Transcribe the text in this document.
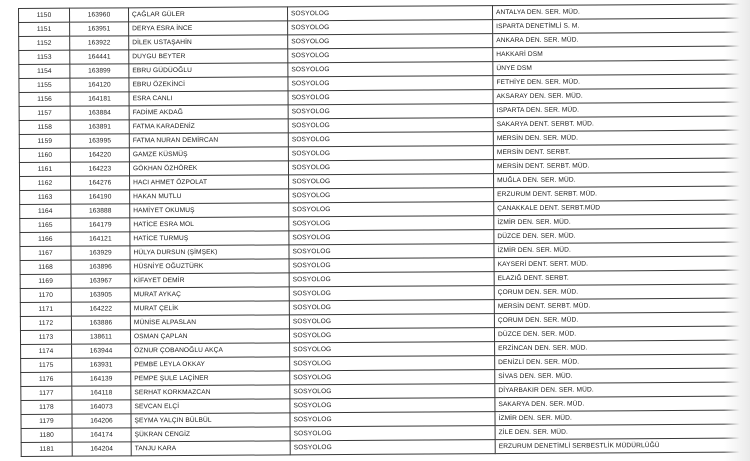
1150	163960	ÇAĞLAR GÜLER	SOSYOLOG	ANTALYA DEN. SER. MÜD.
1151	163951	DERYA ESRA İNCE	SOSYOLOG	ISPARTA DENETİMLİ S. M.
1152	163922	DİLEK USTAŞAHİN	SOSYOLOG	ANKARA DEN. SER. MÜD.
1153	164441	DUYGU BEYTER	SOSYOLOG	HAKKARİ DSM
1154	163899	EBRU GÜDÜOĞLU	SOSYOLOG	ÜNYE DSM
1155	164120	EBRU ÖZEKİNCİ	SOSYOLOG	FETHİYE DEN. SER. MÜD.
1156	164181	ESRA CANLI	SOSYOLOG	AKSARAY DEN. SER. MÜD.
1157	163884	FADİME AKDAĞ	SOSYOLOG	ISPARTA DEN. SER. MÜD.
1158	163891	FATMA KARADENİZ	SOSYOLOG	SAKARYA DENT. SERBT. MÜD.
1159	163995	FATMA NURAN DEMİRCAN	SOSYOLOG	MERSİN DEN. SER. MÜD.
1160	164220	GAMZE KÜSMÜŞ	SOSYOLOG	MERSİN DENT. SERBT.
1161	164223	GÖKHAN ÖZHÖREK	SOSYOLOG	MERSİN DENT. SERBT. MÜD.
1162	164276	HACI AHMET ÖZPOLAT	SOSYOLOG	MUĞLA DEN. SER. MÜD.
1163	164190	HAKAN MUTLU	SOSYOLOG	ERZURUM DENT. SERBT. MÜD.
1164	163888	HAMİYET OKUMUŞ	SOSYOLOG	ÇANAKKALE DENT. SERBT.MÜD
1165	164179	HATİCE ESRA MOL	SOSYOLOG	İZMİR DEN. SER. MÜD.
1166	164121	HATİCE TURMUŞ	SOSYOLOG	DÜZCE DEN. SER. MÜD.
1167	163929	HÜLYA DURSUN (ŞİMŞEK)	SOSYOLOG	İZMİR DEN. SER. MÜD.
1168	163896	HÜSNİYE OĞUZTÜRK	SOSYOLOG	KAYSERİ DENT. SERT. MÜD.
1169	163967	KİFAYET DEMİR	SOSYOLOG	ELAZIĞ DENT. SERBT.
1170	163905	MURAT AYKAÇ	SOSYOLOG	ÇORUM DEN. SER. MÜD.
1171	164222	MURAT ÇELİK	SOSYOLOG	MERSİN DENT. SERBT. MÜD.
1172	163886	MÜNİSE ALPASLAN	SOSYOLOG	ÇORUM DEN. SER. MÜD.
1173	138611	OSMAN ÇAPLAN	SOSYOLOG	DÜZCE DEN. SER. MÜD.
1174	163944	ÖZNUR ÇOBANOĞLU AKÇA	SOSYOLOG	ERZİNCAN DEN. SER. MÜD.
1175	163931	PEMBE LEYLA OKKAY	SOSYOLOG	DENİZLİ DEN. SER. MÜD.
1176	164139	PEMPE ŞULE LAÇİNER	SOSYOLOG	SİVAS DEN. SER. MÜD.
1177	164118	SERHAT KORKMAZCAN	SOSYOLOG	DİYARBAKIR DEN. SER. MÜD.
1178	164073	SEVCAN ELÇİ	SOSYOLOG	SAKARYA DEN. SER. MÜD.
1179	164206	ŞEYMA YALÇIN BÜLBÜL	SOSYOLOG	İZMİR DEN. SER. MÜD.
1180	164174	ŞÜKRAN CENGİZ	SOSYOLOG	ZİLE DEN. SER. MÜD.
1181	164204	TANJU KARA	SOSYOLOG	ERZURUM DENETİMLİ SERBESTLİK MÜDÜRLÜĞÜ
